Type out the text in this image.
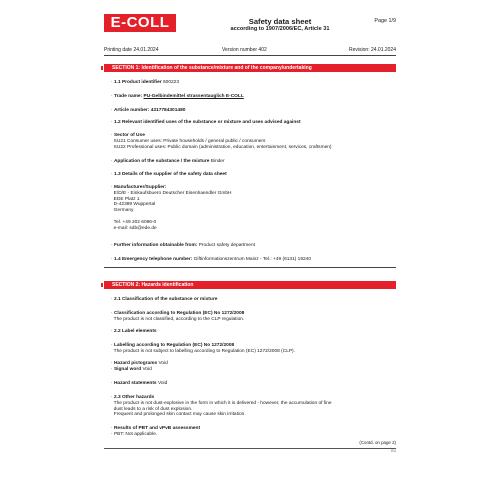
E-COLL	Safety data sheet
according to 1907/2006/EC, Article 31
Page 1/9
Printing date 24.01.2024	Version number 402	Revision: 24.01.2024
SECTION 1: Identification of the substance/mixture and of the company/undertaking
· 1.1 Product identifier 600223
· Trade name: PU-Gelbindemittel strassentauglich E-COLL
· Article number: 4317784301480
· 1.2 Relevant identified uses of the substance or mixture and uses advised against
· Sector of Use
SU21 Consumer uses: Private households / general public / consumers
SU22 Professional uses: Public domain (administration, education, entertainment, services, craftsmen)
· Application of the substance / the mixture Binder
· 1.3 Details of the supplier of the safety data sheet
· Manufacturer/Supplier:
E/D/E - Einkaufsbuero Deutscher Eisenhaendler GmbH
EDE Platz 1
D-42389 Wuppertal
Germany

Tel. +49 202 6096-0
e-mail: sdb@ede.de
· Further information obtainable from: Product safety department
· 1.4 Emergency telephone number: Giftinformationszentrum Mainz - Tel.: +49 (6131) 19240
SECTION 2: Hazards identification
· 2.1 Classification of the substance or mixture
· Classification according to Regulation (EC) No 1272/2008
The product is not classified, according to the CLP regulation.
· 2.2 Label elements
· Labelling according to Regulation (EC) No 1272/2008
The product is not subject to labelling according to Regulation (EC) 1272/2008 (CLP).
· Hazard pictograms Void
· Signal word Void
· Hazard statements Void
· 2.3 Other hazards
The product is not dust-explosive in the form in which it is delivered - however, the accumulation of fine
dust leads to a risk of dust explosion.
Frequent and prolonged skin contact may cause skin irritation.
· Results of PBT and vPvB assessment
· PBT: Not applicable.
(Contd. on page 2)
EU
